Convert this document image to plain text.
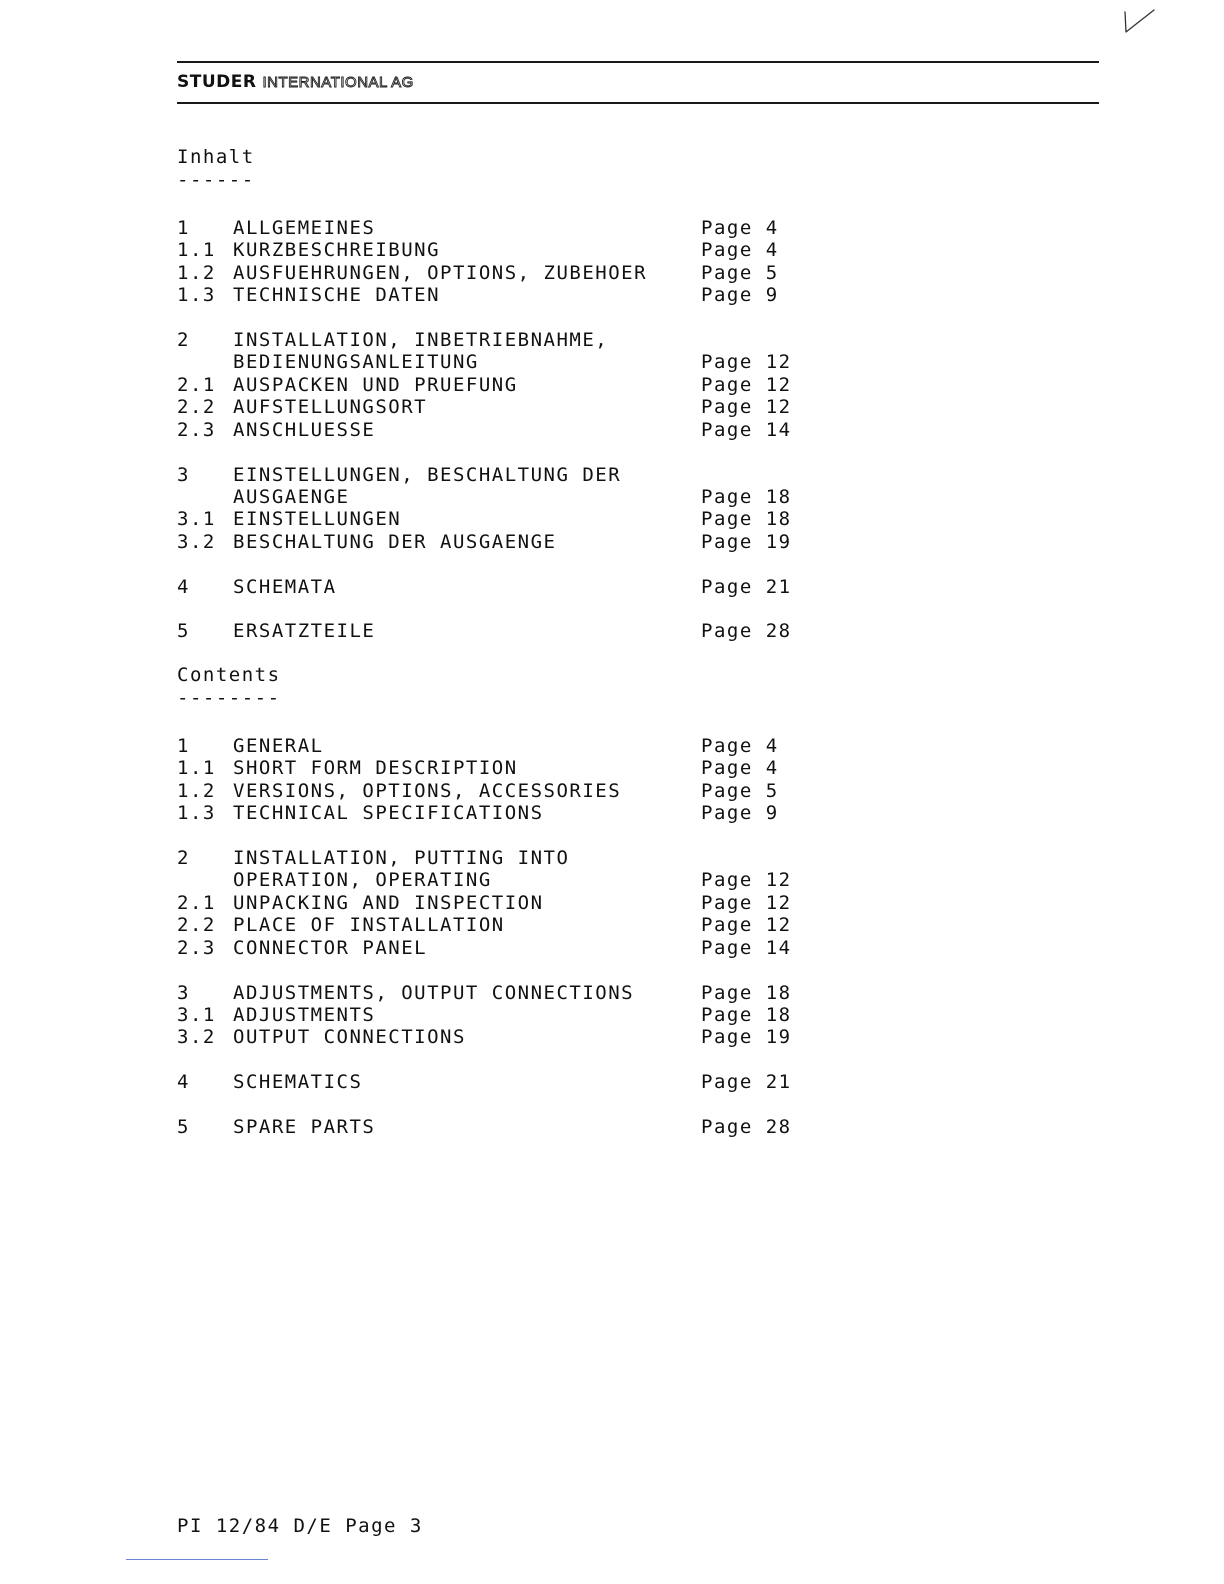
STUDER INTERNATIONAL AG
Inhalt
------
1	ALLGEMEINES	Page 4
1.1 KURZBESCHREIBUNG	Page 4
1.2 AUSFUEHRUNGEN, OPTIONS, ZUBEHOER	Page 5
1.3 TECHNISCHE DATEN	Page 9
2	INSTALLATION, INBETRIEBNAHME,
BEDIENUNGSANLEITUNG	Page 12
2.1 AUSPACKEN UND PRUEFUNG	Page 12
2.2 AUFSTELLUNGSORT	Page 12
2.3 ANSCHLUESSE	Page 14
3	EINSTELLUNGEN, BESCHALTUNG DER
AUSGAENGE	Page 18
3.1 EINSTELLUNGEN	Page 18
3.2 BESCHALTUNG DER AUSGAENGE	Page 19
4	SCHEMATA	Page 21
5	ERSATZTEILE	Page 28
Contents
--------
1	GENERAL	Page 4
1.1 SHORT FORM DESCRIPTION	Page 4
1.2 VERSIONS, OPTIONS, ACCESSORIES	Page 5
1.3 TECHNICAL SPECIFICATIONS	Page 9
2	INSTALLATION, PUTTING INTO
OPERATION, OPERATING	Page 12
2.1 UNPACKING AND INSPECTION	Page 12
2.2 PLACE OF INSTALLATION	Page 12
2.3 CONNECTOR PANEL	Page 14
3	ADJUSTMENTS, OUTPUT CONNECTIONS	Page 18
3.1 ADJUSTMENTS	Page 18
3.2 OUTPUT CONNECTIONS	Page 19
4	SCHEMATICS	Page 21
5	SPARE PARTS	Page 28
PI 12/84 D/E Page 3
